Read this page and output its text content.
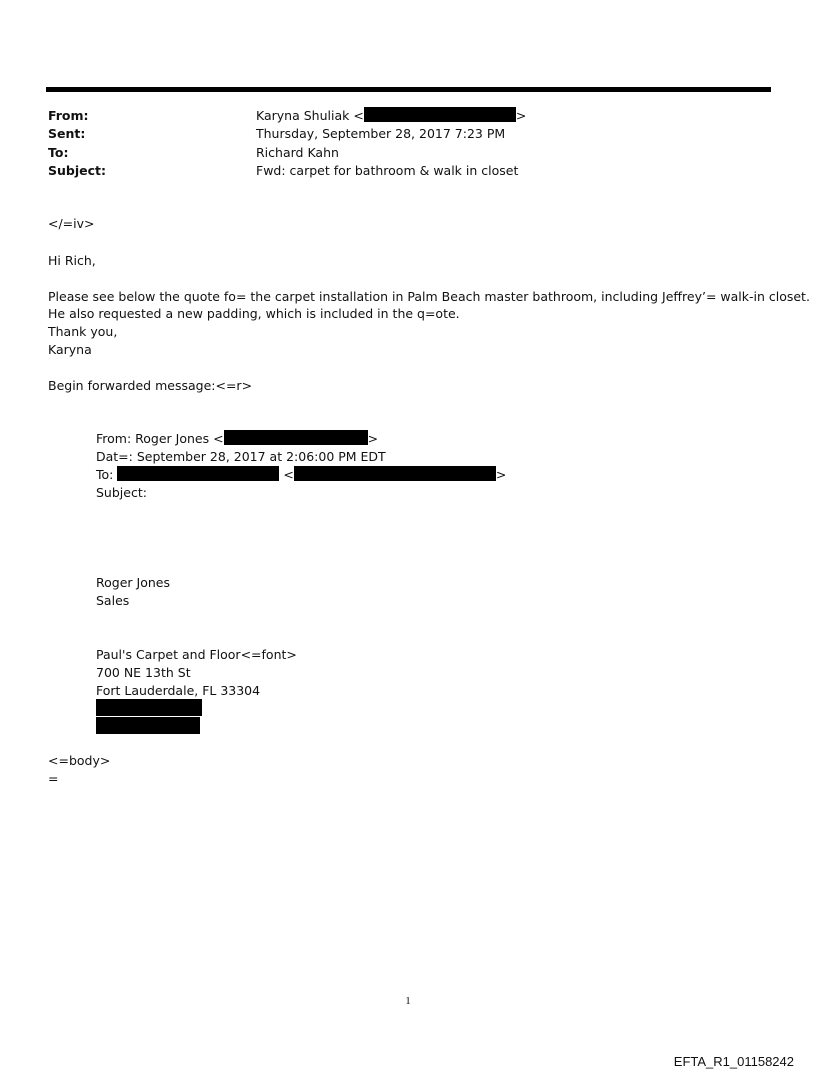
From:	Karyna Shuliak <	>
Sent:	Thursday, September 28, 2017 7:23 PM
To:	Richard Kahn
Subject:	Fwd: carpet for bathroom & walk in closet
</=iv>
Hi Rich,
Please see below the quote fo= the carpet installation in Palm Beach master bathroom, including Jeffrey’= walk-in closet.
He also requested a new padding, which is included in the q=ote.
Thank you,
Karyna
Begin forwarded message:<=r>
From: Roger Jones <	>
Dat=: September 28, 2017 at 2:06:00 PM EDT
To:	<	>
Subject:
Roger Jones
Sales
Paul's Carpet and Floor<=font>
700 NE 13th St
Fort Lauderdale, FL 33304
<=body>
=
1
EFTA_R1_01158242
